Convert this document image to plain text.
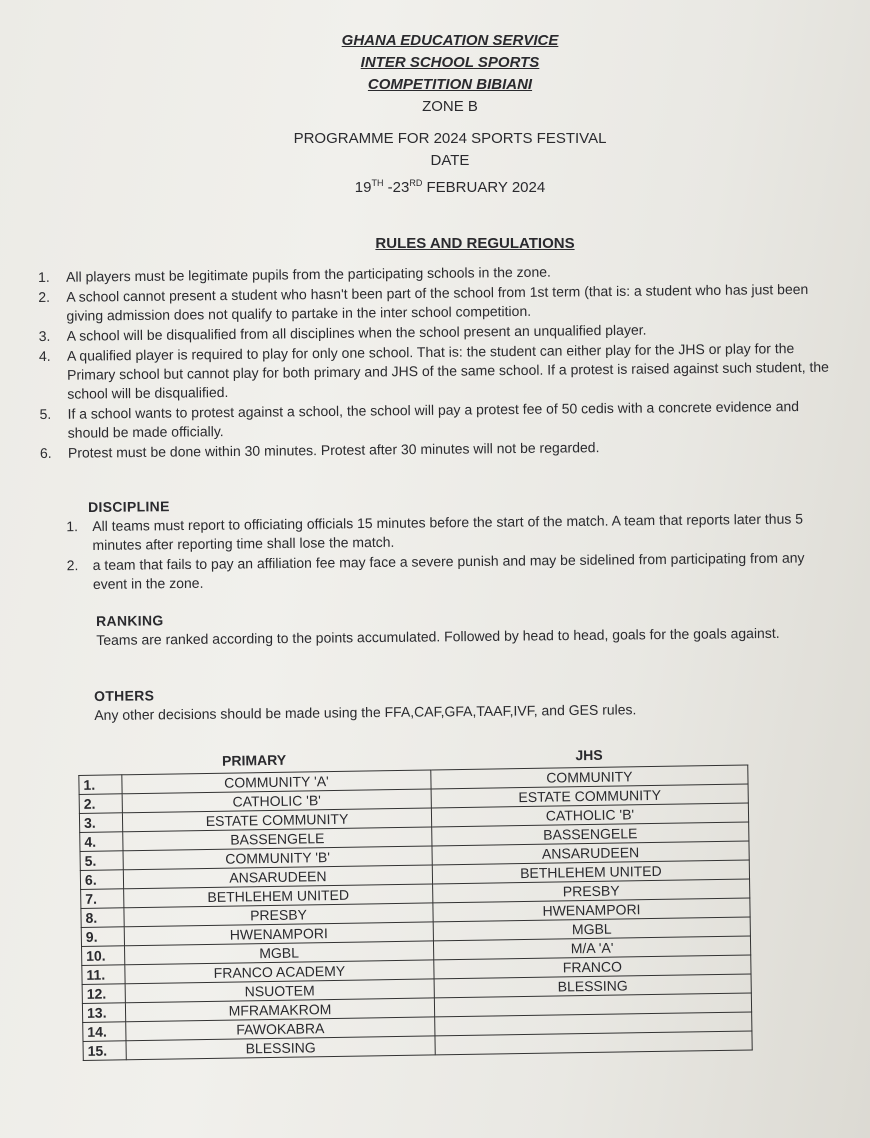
GHANA EDUCATION SERVICE
INTER SCHOOL SPORTS
COMPETITION BIBIANI
ZONE B
PROGRAMME FOR 2024 SPORTS FESTIVAL
DATE
19TH -23RD FEBRUARY 2024
RULES AND REGULATIONS
1.	All players must be legitimate pupils from the participating schools in the zone.
2.	A school cannot present a student who hasn't been part of the school from 1st term (that is: a student who has just been giving admission does not qualify to partake in the inter school competition.
3.	A school will be disqualified from all disciplines when the school present an unqualified player.
4.	A qualified player is required to play for only one school. That is: the student can either play for the JHS or play for the Primary school but cannot play for both primary and JHS of the same school. If a protest is raised against such student, the school will be disqualified.
5.	If a school wants to protest against a school, the school will pay a protest fee of 50 cedis with a concrete evidence and should be made officially.
6.	Protest must be done within 30 minutes. Protest after 30 minutes will not be regarded.
DISCIPLINE
1.	All teams must report to officiating officials 15 minutes before the start of the match. A team that reports later thus 5 minutes after reporting time shall lose the match.
2.	a team that fails to pay an affiliation fee may face a severe punish and may be sidelined from participating from any event in the zone.
RANKING
Teams are ranked according to the points accumulated. Followed by head to head, goals for the goals against.
OTHERS
Any other decisions should be made using the FFA,CAF,GFA,TAAF,IVF, and GES rules.
PRIMARY	JHS
1.	COMMUNITY 'A'	COMMUNITY
2.	CATHOLIC 'B'	ESTATE COMMUNITY
3.	ESTATE COMMUNITY	CATHOLIC 'B'
4.	BASSENGELE	BASSENGELE
5.	COMMUNITY 'B'	ANSARUDEEN
6.	ANSARUDEEN	BETHLEHEM UNITED
7.	BETHLEHEM UNITED	PRESBY
8.	PRESBY	HWENAMPORI
9.	HWENAMPORI	MGBL
10.	MGBL	M/A 'A'
11.	FRANCO ACADEMY	FRANCO
12.	NSUOTEM	BLESSING
13.	MFRAMAKROM	
14.	FAWOKABRA	
15.	BLESSING	
